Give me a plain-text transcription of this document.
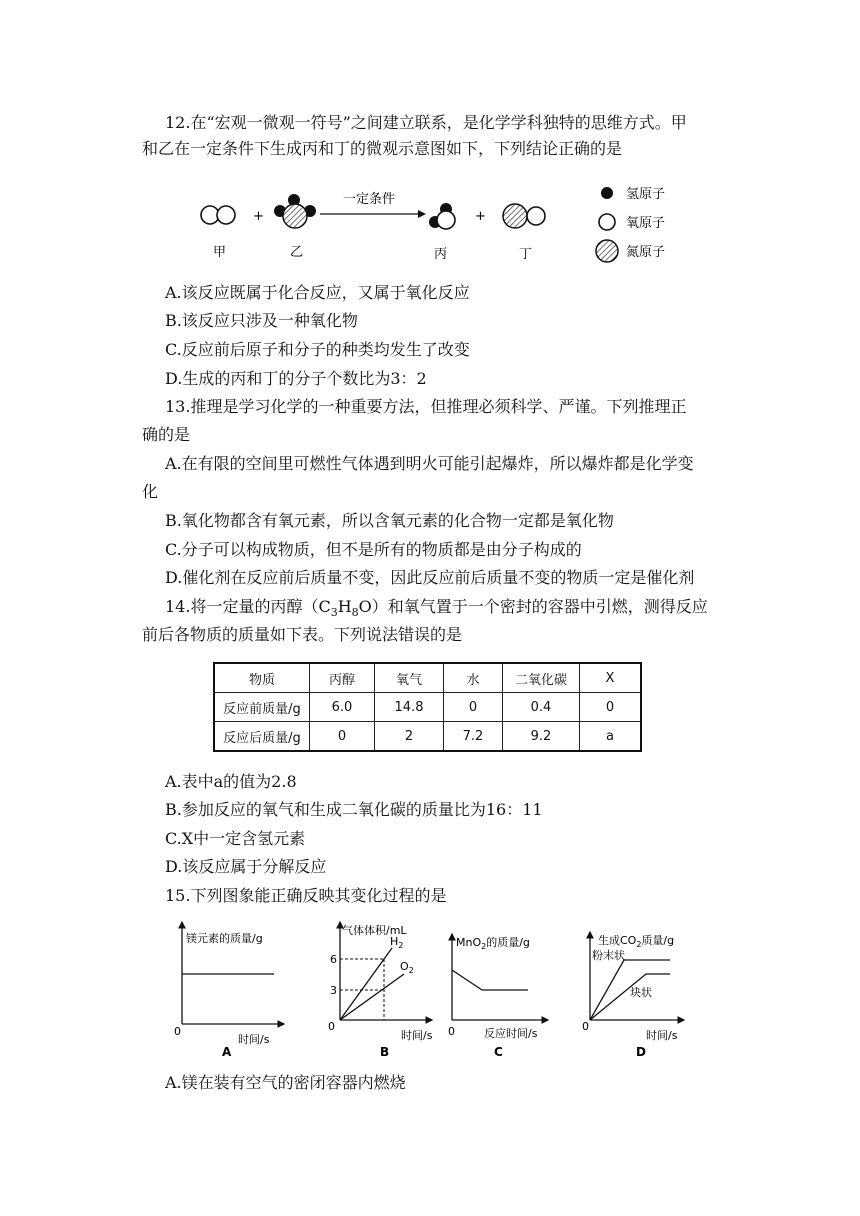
12.在“宏观一微观一符号”之间建立联系，是化学学科独特的思维方式。甲
和乙在一定条件下生成丙和丁的微观示意图如下，下列结论正确的是
+
一定条件
+
甲	乙	丙	丁
氢原子
氧原子
氮原子
A.该反应既属于化合反应，又属于氧化反应
B.该反应只涉及一种氧化物
C.反应前后原子和分子的种类均发生了改变
D.生成的丙和丁的分子个数比为3：2
13.推理是学习化学的一种重要方法，但推理必须科学、严谨。下列推理正
确的是
A.在有限的空间里可燃性气体遇到明火可能引起爆炸，所以爆炸都是化学变
化
B.氧化物都含有氧元素，所以含氧元素的化合物一定都是氧化物
C.分子可以构成物质，但不是所有的物质都是由分子构成的
D.催化剂在反应前后质量不变，因此反应前后质量不变的物质一定是催化剂
14.将一定量的丙醇$(C_3H_8O)$和氧气置于一个密封的容器中引燃，测得反应
前后各物质的质量如下表。下列说法错误的是
物质	丙醇	氧气	水	二氧化碳	X
反应前质量/g	6.0	14.8	0	0.4	0
反应后质量/g	0	2	7.2	9.2	a
A.表中a的值为2.8
B.参加反应的氧气和生成二氧化碳的质量比为16：11
C.X中一定含氢元素
D.该反应属于分解反应
15.下列图象能正确反映其变化过程的是
镁元素的质量/g
时间/s
0
A
气体体积/mL
$H_2$
$O_2$
6
3
时间/s
0
B
MnO$_2$的质量/g
反应时间/s
0
C
生成$CO_2$质量/g
粉末状
块状
时间/s
0
D
A.镁在装有空气的密闭容器内燃烧
